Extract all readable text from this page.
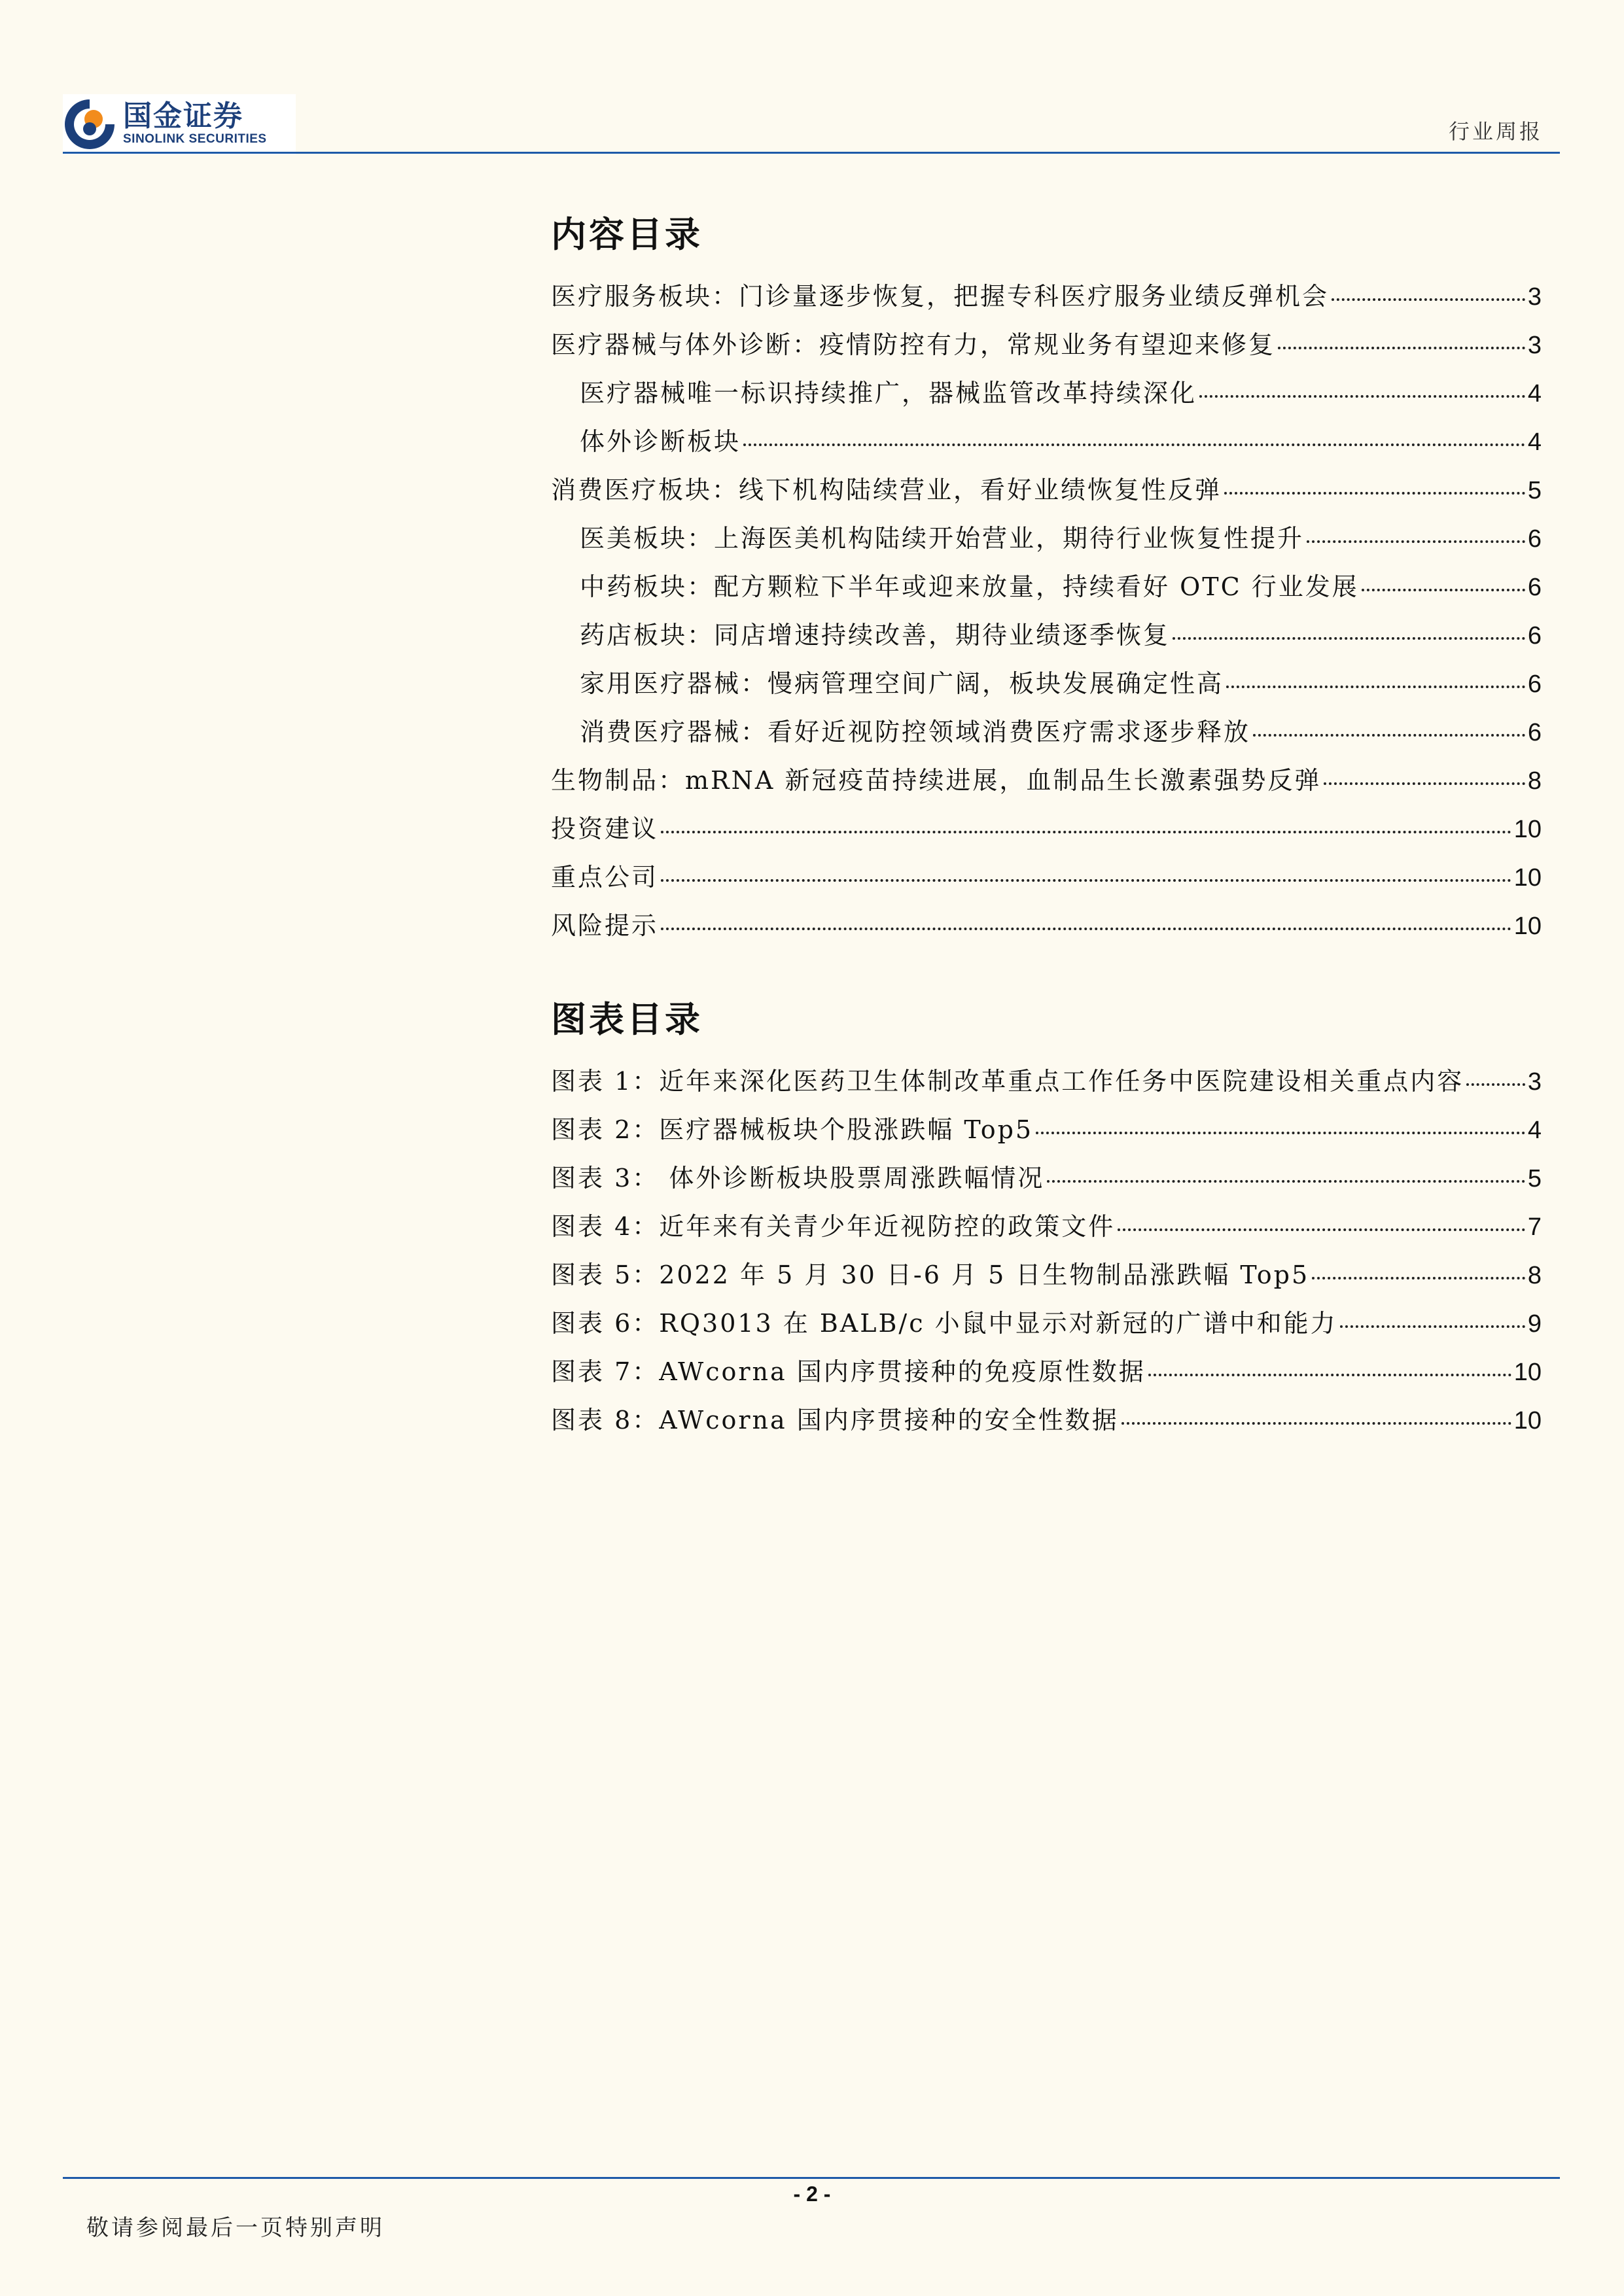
国金证券
SINOLINK SECURITIES	行业周报
内容目录
医疗服务板块：门诊量逐步恢复，把握专科医疗服务业绩反弹机会	3
医疗器械与体外诊断：疫情防控有力，常规业务有望迎来修复	3
医疗器械唯一标识持续推广，器械监管改革持续深化	4
体外诊断板块	4
消费医疗板块：线下机构陆续营业，看好业绩恢复性反弹	5
医美板块：上海医美机构陆续开始营业，期待行业恢复性提升	6
中药板块：配方颗粒下半年或迎来放量，持续看好 OTC 行业发展	6
药店板块：同店增速持续改善，期待业绩逐季恢复	6
家用医疗器械：慢病管理空间广阔，板块发展确定性高	6
消费医疗器械：看好近视防控领域消费医疗需求逐步释放	6
生物制品：mRNA 新冠疫苗持续进展，血制品生长激素强势反弹	8
投资建议	10
重点公司	10
风险提示	10
图表目录
图表 1：近年来深化医药卫生体制改革重点工作任务中医院建设相关重点内容	3
图表 2：医疗器械板块个股涨跌幅 Top5	4
图表 3： 体外诊断板块股票周涨跌幅情况	5
图表 4：近年来有关青少年近视防控的政策文件	7
图表 5：2022 年 5 月 30 日-6 月 5 日生物制品涨跌幅 Top5	8
图表 6：RQ3013 在 BALB/c 小鼠中显示对新冠的广谱中和能力	9
图表 7：AWcorna 国内序贯接种的免疫原性数据	10
图表 8：AWcorna 国内序贯接种的安全性数据	10
- 2 -
敬请参阅最后一页特别声明
